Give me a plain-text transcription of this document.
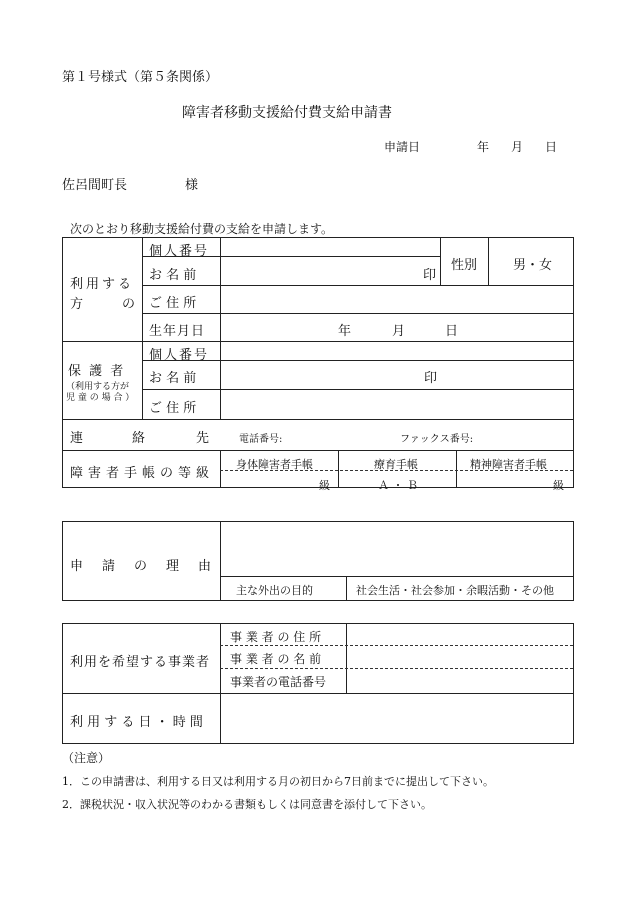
第１号様式（第５条関係）
障害者移動支援給付費支給申請書
申請日	年 月 日
佐呂間町長	様
次のとおり移動支援給付費の支給を申請します。
利用する
方	の
個人番号
お 名 前	印
性別	男・女
ご 住 所
生年月日	年	月	日
保 護 者
（利用する方が
児 童 の 場 合 ）
個人番号
お 名 前	印
ご 住 所
連	絡	先	電話番号:	ファックス番号:
障害者手帳の等級
身体障害者手帳	療育手帳	精神障害者手帳
級	Ａ ・ Ｂ	級
申 請 の 理 由
主な外出の目的	社会生活・社会参加・余暇活動・その他
利用を希望する事業者
事 業 者 の 住 所
事 業 者 の 名 前
事業者の電話番号
利 用 す る 日 ・ 時 間
（注意）
1．この申請書は、利用する日又は利用する月の初日から7日前までに提出して下さい。
2．課税状況・収入状況等のわかる書類もしくは同意書を添付して下さい。
